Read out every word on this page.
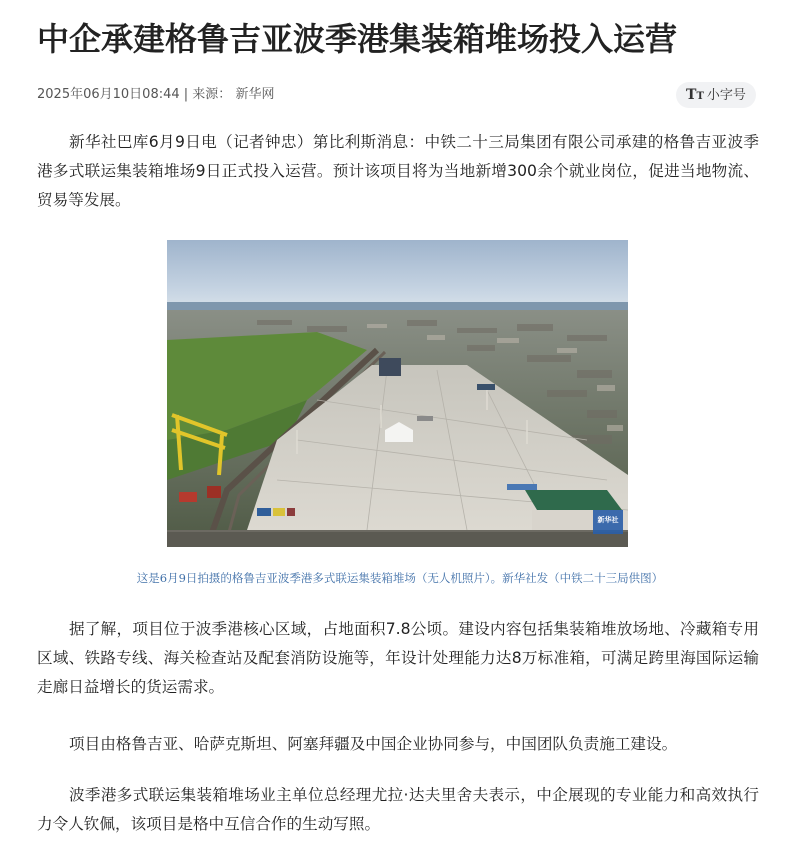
中企承建格鲁吉亚波季港集装箱堆场投入运营
2025年06月10日08:44 | 来源： 新华网	TT 小字号

新华社巴库6月9日电（记者钟忠）第比利斯消息：中铁二十三局集团有限公司承建的格鲁吉亚波季港多式联运集装箱堆场9日正式投入运营。预计该项目将为当地新增300余个就业岗位，促进当地物流、贸易等发展。

新华社
这是6月9日拍摄的格鲁吉亚波季港多式联运集装箱堆场（无人机照片）。新华社发（中铁二十三局供图）

据了解，项目位于波季港核心区域，占地面积7.8公顷。建设内容包括集装箱堆放场地、冷藏箱专用区域、铁路专线、海关检查站及配套消防设施等，年设计处理能力达8万标准箱，可满足跨里海国际运输走廊日益增长的货运需求。

项目由格鲁吉亚、哈萨克斯坦、阿塞拜疆及中国企业协同参与，中国团队负责施工建设。

波季港多式联运集装箱堆场业主单位总经理尤拉·达夫里舍夫表示，中企展现的专业能力和高效执行力令人钦佩，该项目是格中互信合作的生动写照。
